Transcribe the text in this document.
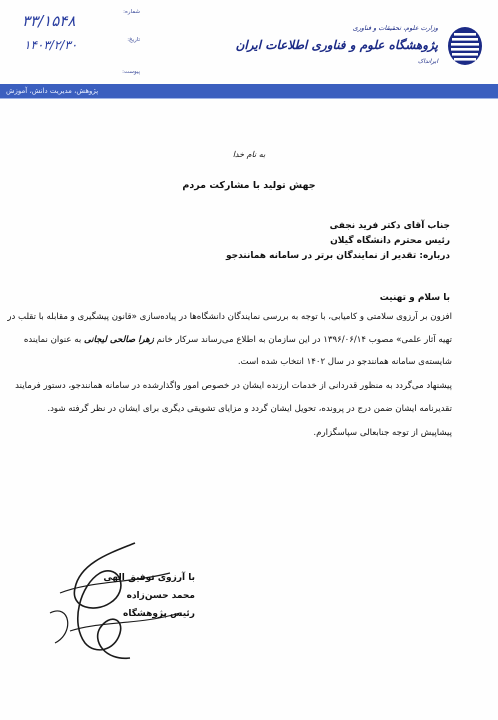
شماره:
۳۳/۱۵۴۸
تاریخ:
۱۴۰۳/۲/۳۰
پیوست:
وزارت علوم، تحقیقات و فناوری
پژوهشگاه علوم و فناوری اطلاعات ایران
ایرانداک
پژوهش، مدیریت دانش، آموزش
به نام خدا
جهش تولید با مشارکت مردم
جناب آقای دکتر فرید نجفی
رئیس محترم دانشگاه گیلان
درباره: تقدیر از نمایندگان برتر در سامانه همانندجو
با سلام و تهنیت
افزون بر آرزوی سلامتی و کامیابی، با توجه به بررسی نمایندگان دانشگاه‌ها در پیاده‌سازی «قانون پیشگیری و مقابله با تقلب در
تهیه آثار علمی» مصوب ۱۳۹۶/۰۶/۱۴ در این سازمان به اطلاع می‌رساند سرکار خانم زهرا صالحی لیجانی به عنوان نماینده
شایسته‌ی سامانه همانندجو در سال ۱۴۰۲ انتخاب شده است.
پیشنهاد می‌گردد به منظور قدردانی از خدمات ارزنده ایشان در خصوص امور واگذارشده در سامانه همانندجو، دستور فرمایند
تقدیرنامه ایشان ضمن درج در پرونده، تحویل ایشان گردد و مزایای تشویقی دیگری برای ایشان در نظر گرفته شود.
پیشاپیش از توجه جنابعالی سپاسگزارم.
با آرزوی توفیق الهی
محمد حسن‌زاده
رئیس پژوهشگاه
